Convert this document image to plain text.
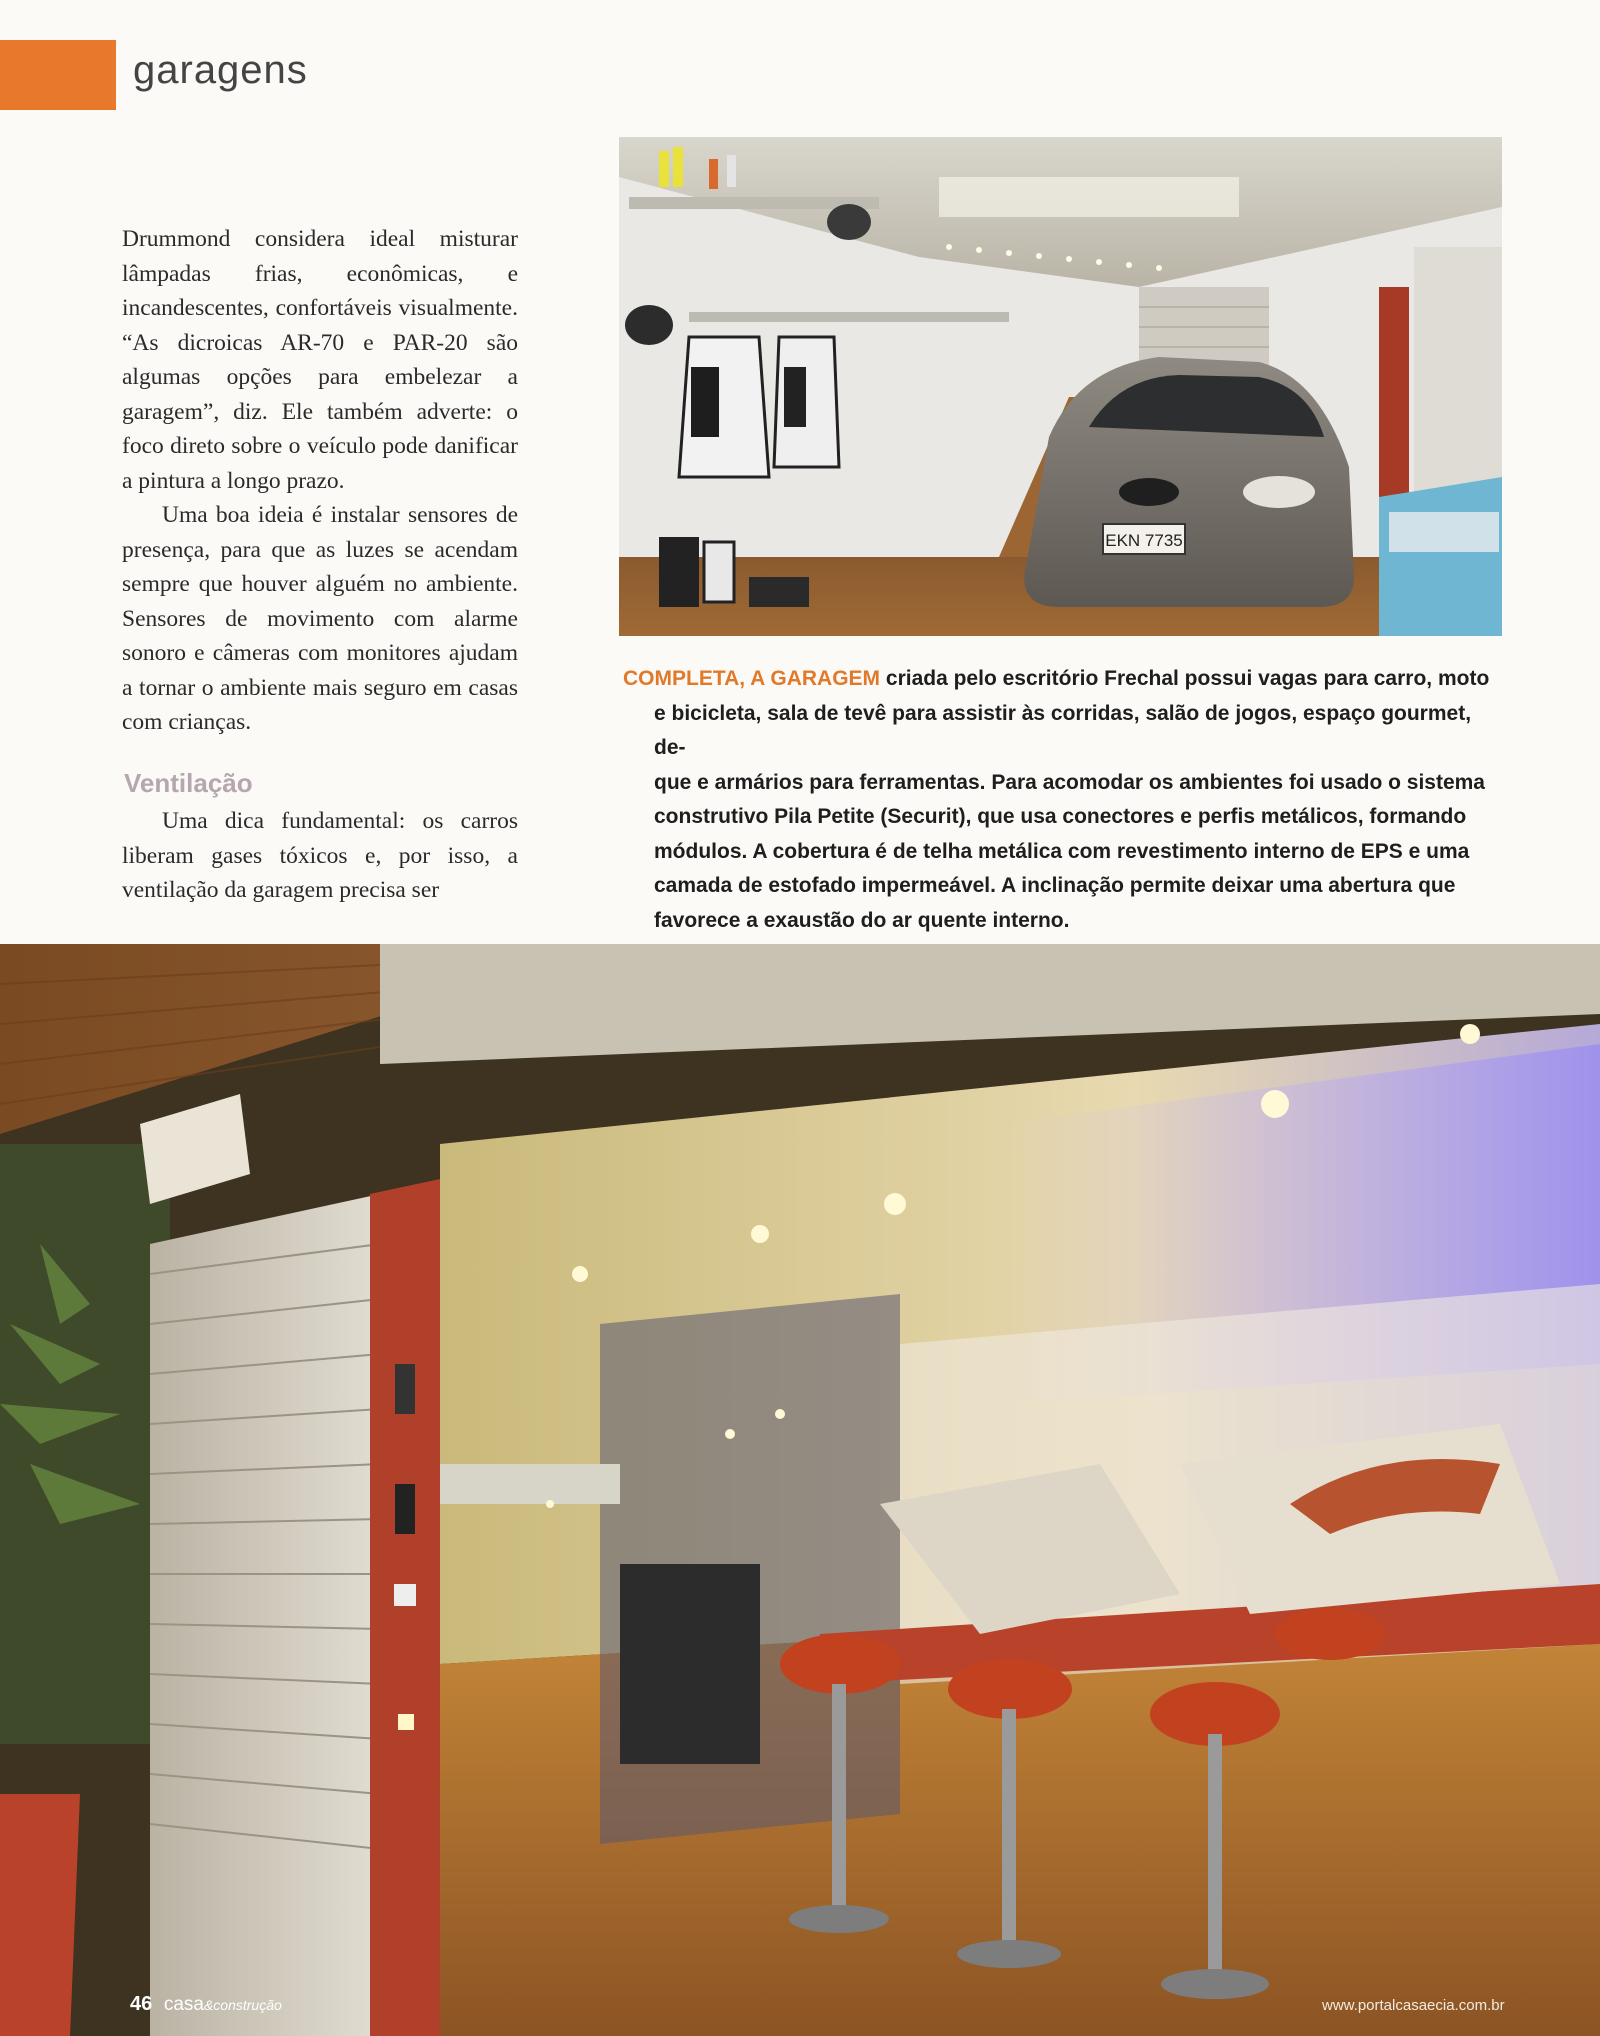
garagens

Drummond considera ideal misturar lâmpadas frias, econômicas, e incandescentes, confortáveis visualmente. “As dicroicas AR-70 e PAR-20 são algumas opções para embelezar a garagem”, diz. Ele também adverte: o foco direto sobre o veículo pode danificar a pintura a longo prazo.

Uma boa ideia é instalar sensores de presença, para que as luzes se acendam sempre que houver alguém no ambiente. Sensores de movimento com alarme sonoro e câmeras com monitores ajudam a tornar o ambiente mais seguro em casas com crianças.

Ventilação

Uma dica fundamental: os carros liberam gases tóxicos e, por isso, a ventilação da garagem precisa ser

EKN 7735
COMPLETA, A GARAGEM criada pelo escritório Frechal possui vagas para carro, moto
e bicicleta, sala de tevê para assistir às corridas, salão de jogos, espaço gourmet, de-
que e armários para ferramentas. Para acomodar os ambientes foi usado o sistema
construtivo Pila Petite (Securit), que usa conectores e perfis metálicos, formando
módulos. A cobertura é de telha metálica com revestimento interno de EPS e uma
camada de estofado impermeável. A inclinação permite deixar uma abertura que
favorece a exaustão do ar quente interno.
46 casa&construção	www.portalcasaecia.com.br
